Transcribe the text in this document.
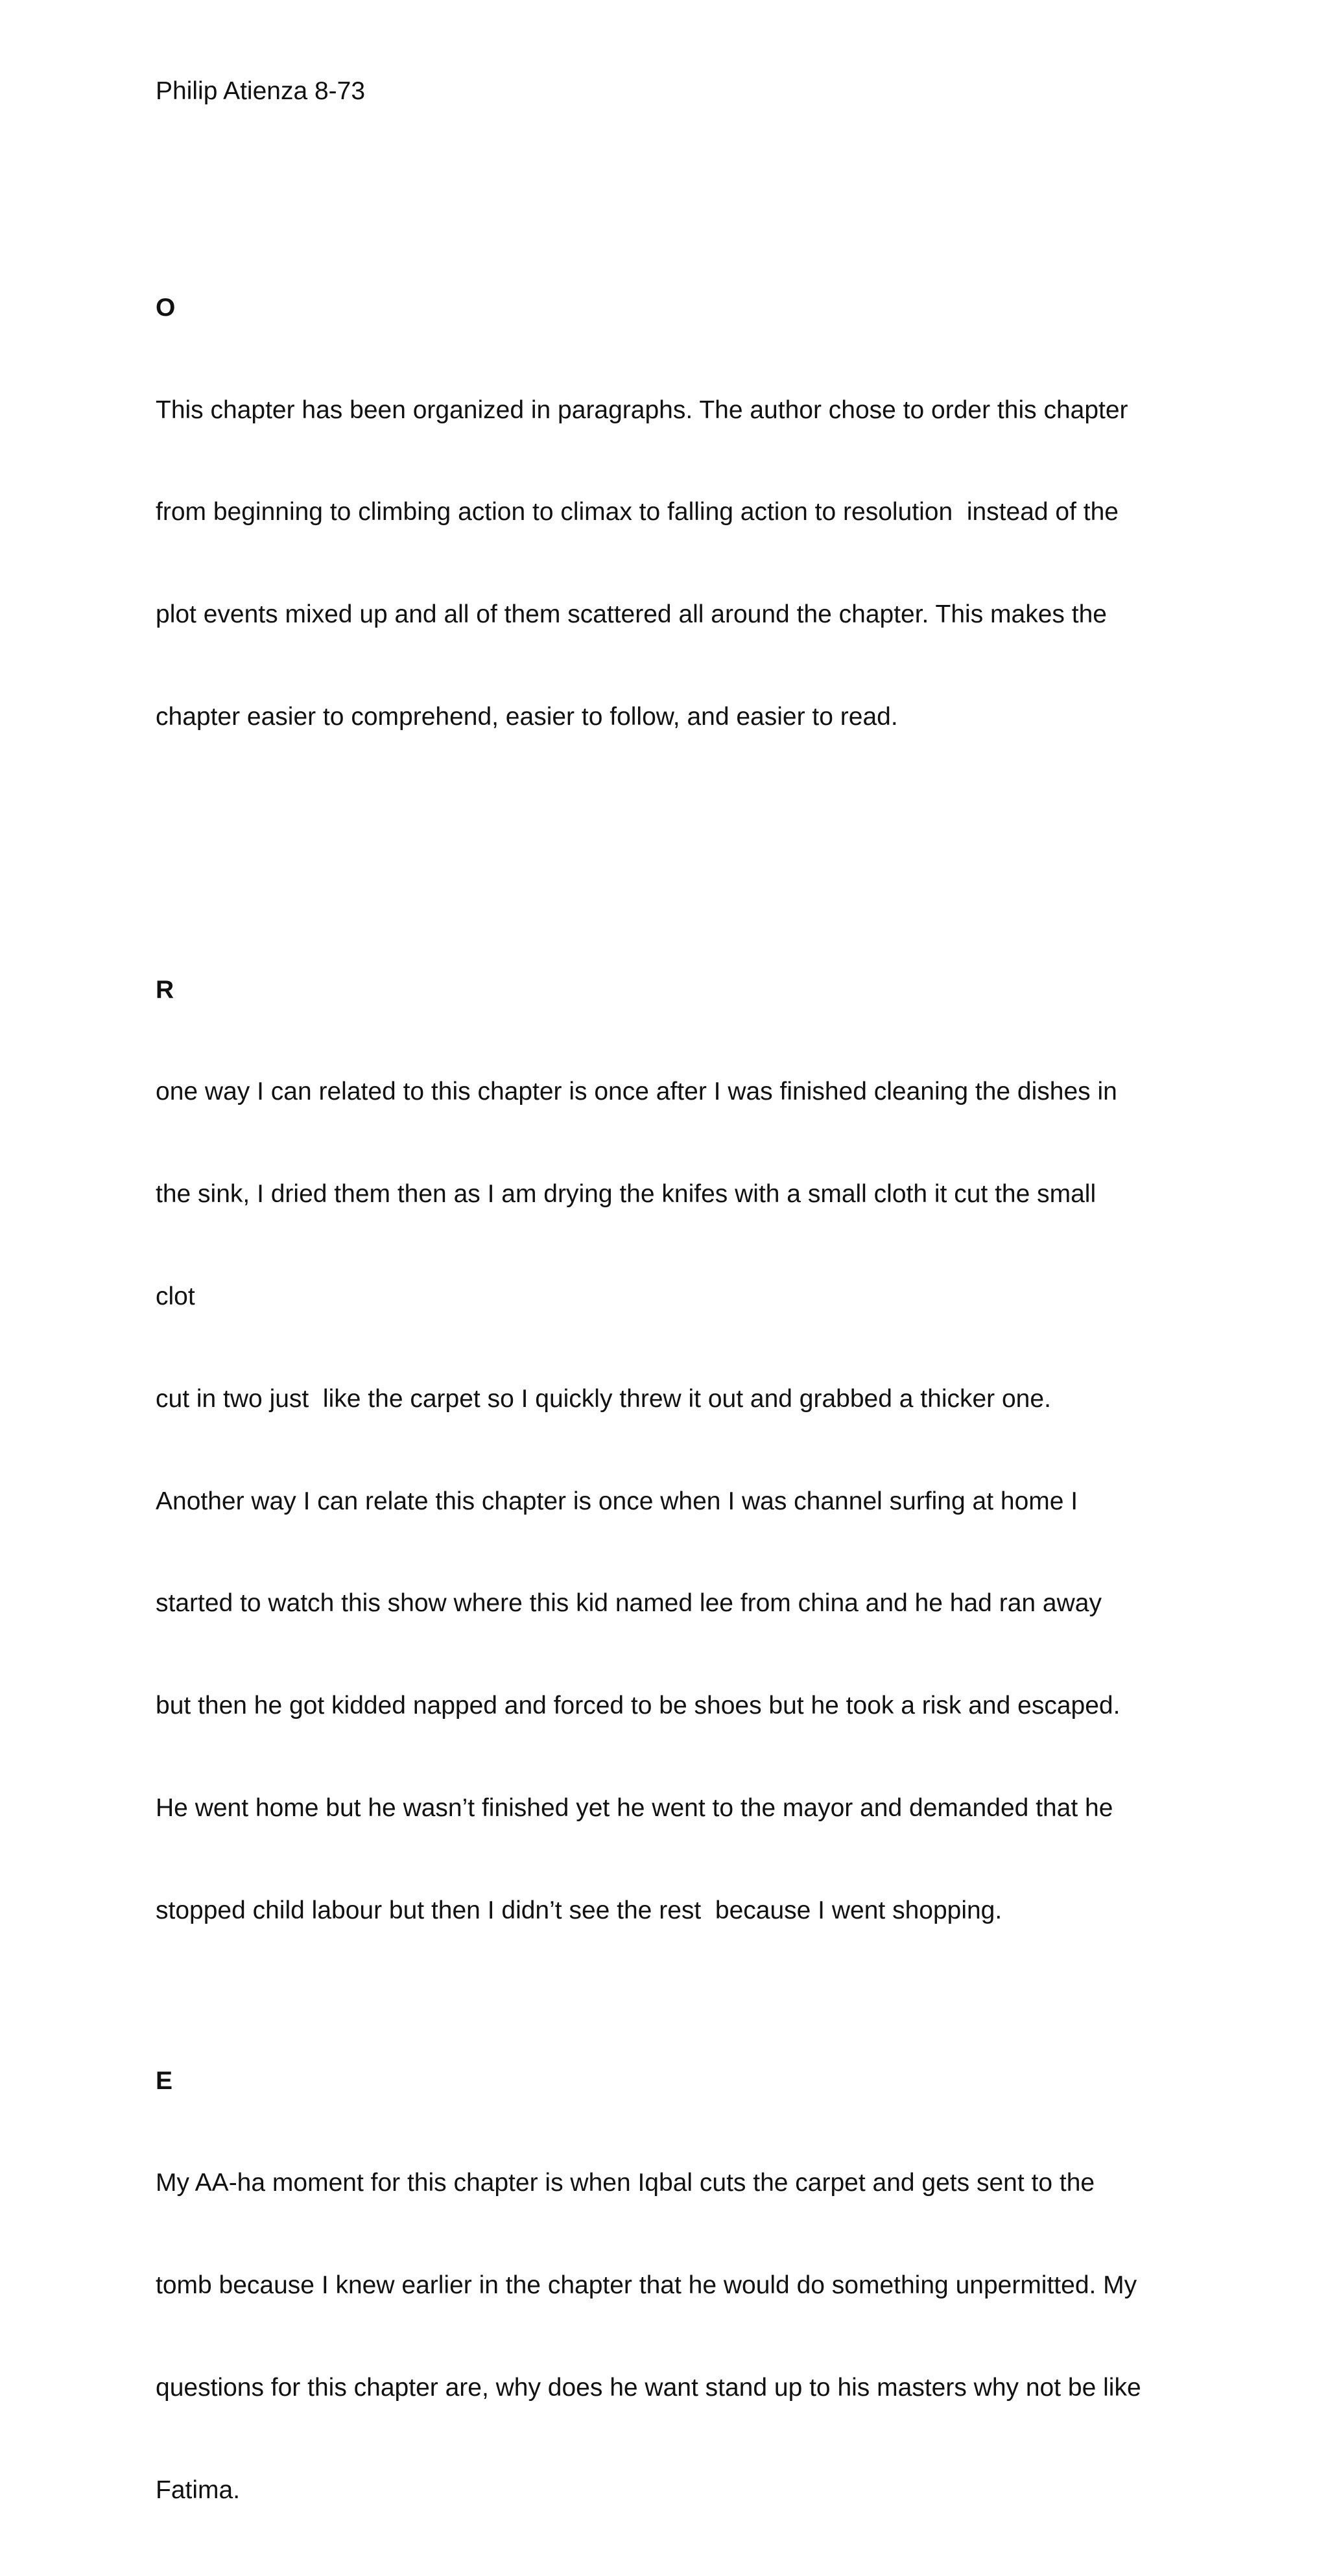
Philip Atienza 8-73

O

This chapter has been organized in paragraphs. The author chose to order this chapter

from beginning to climbing action to climax to falling action to resolution  instead of the

plot events mixed up and all of them scattered all around the chapter. This makes the

chapter easier to comprehend, easier to follow, and easier to read.

R

one way I can related to this chapter is once after I was finished cleaning the dishes in

the sink, I dried them then as I am drying the knifes with a small cloth it cut the small

clot

cut in two just  like the carpet so I quickly threw it out and grabbed a thicker one.

Another way I can relate this chapter is once when I was channel surfing at home I

started to watch this show where this kid named lee from china and he had ran away

but then he got kidded napped and forced to be shoes but he took a risk and escaped.

He went home but he wasn’t finished yet he went to the mayor and demanded that he

stopped child labour but then I didn’t see the rest  because I went shopping.

E

My AA-ha moment for this chapter is when Iqbal cuts the carpet and gets sent to the

tomb because I knew earlier in the chapter that he would do something unpermitted. My

questions for this chapter are, why does he want stand up to his masters why not be like

Fatima.
